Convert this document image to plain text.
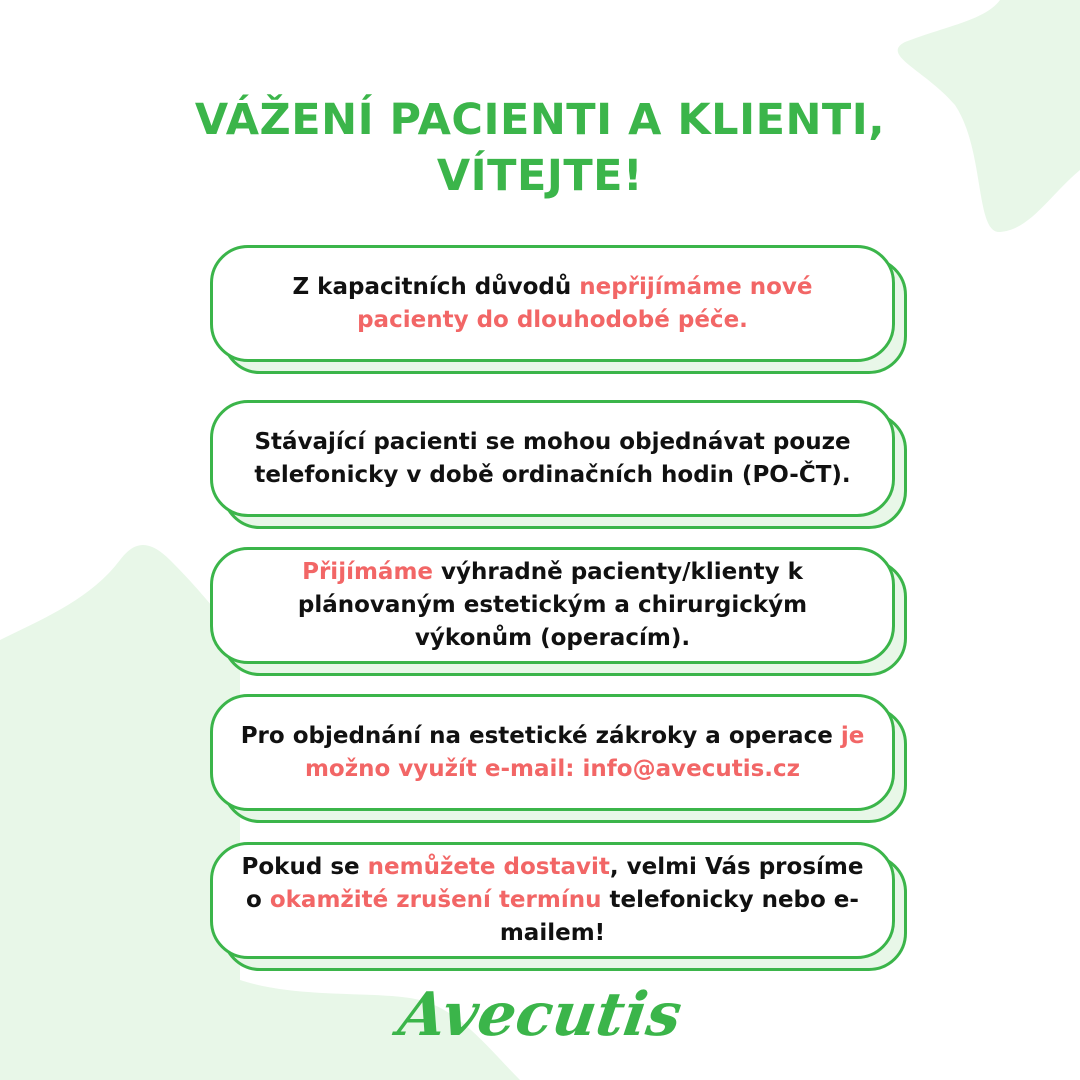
VÁŽENÍ PACIENTI A KLIENTI,
VÍTEJTE!
Z kapacitních důvodů nepřijímáme nové pacienty do dlouhodobé péče.
Stávající pacienti se mohou objednávat pouze telefonicky v době ordinačních hodin (PO-ČT).
Přijímáme výhradně pacienty/klienty k plánovaným estetickým a chirurgickým výkonům (operacím).
Pro objednání na estetické zákroky a operace je možno využít e-mail: info@avecutis.cz
Pokud se nemůžete dostavit, velmi Vás prosíme o okamžité zrušení termínu telefonicky nebo e-mailem!
Avecutis
